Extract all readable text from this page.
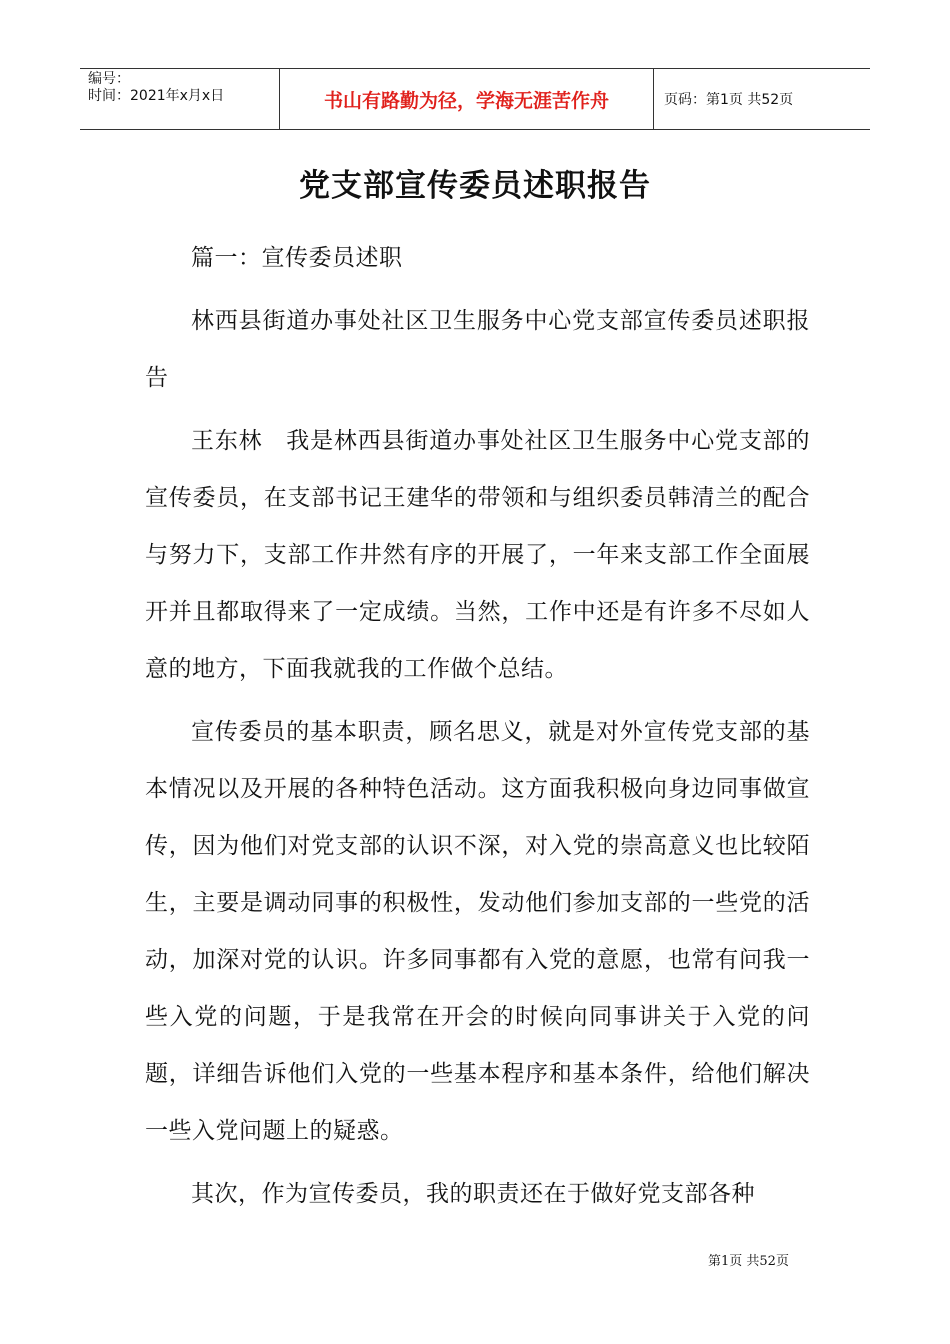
编号：
时间：2021年x月x日	书山有路勤为径，学海无涯苦作舟	页码：第1页 共52页
党支部宣传委员述职报告

篇一：宣传委员述职

林西县街道办事处社区卫生服务中心党支部宣传委员述职报告

王东林　我是林西县街道办事处社区卫生服务中心党支部的宣传委员，在支部书记王建华的带领和与组织委员韩清兰的配合与努力下，支部工作井然有序的开展了，一年来支部工作全面展开并且都取得来了一定成绩。当然，工作中还是有许多不尽如人意的地方，下面我就我的工作做个总结。

宣传委员的基本职责，顾名思义，就是对外宣传党支部的基本情况以及开展的各种特色活动。这方面我积极向身边同事做宣传，因为他们对党支部的认识不深，对入党的崇高意义也比较陌生，主要是调动同事的积极性，发动他们参加支部的一些党的活动，加深对党的认识。许多同事都有入党的意愿，也常有问我一些入党的问题，于是我常在开会的时候向同事讲关于入党的问题，详细告诉他们入党的一些基本程序和基本条件，给他们解决一些入党问题上的疑惑。

其次，作为宣传委员，我的职责还在于做好党支部各种

第1页 共52页
